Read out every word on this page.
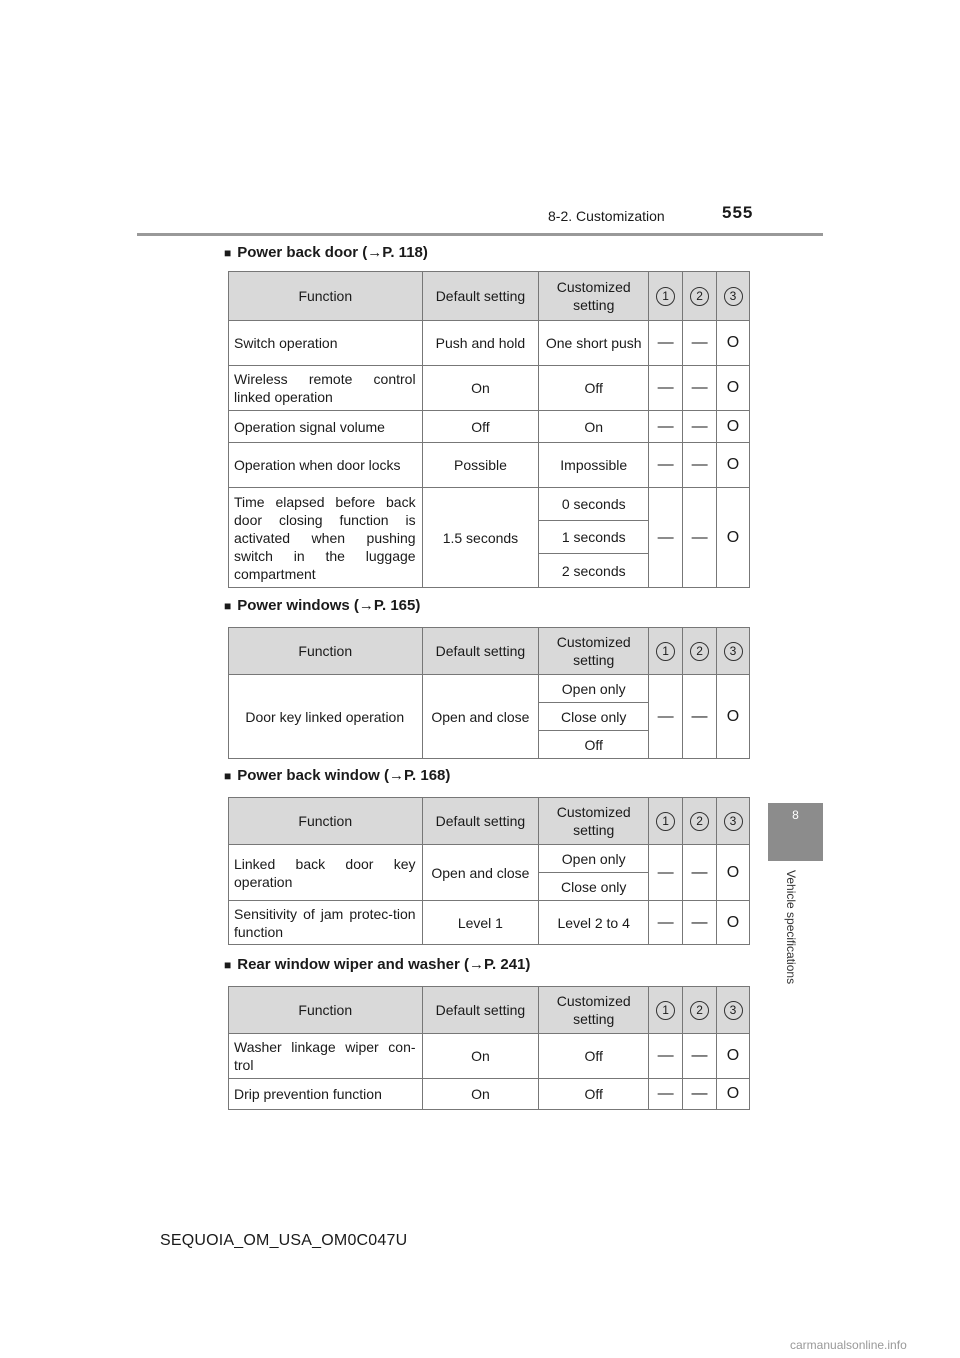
8-2. Customization	555
8
Vehicle specifications
■ Power back door (→P. 118)
Function	Default setting	Customized setting	1	2	3
Switch operation	Push and hold	One short push	—	—	O
Wireless remote control linked operation	On	Off	—	—	O
Operation signal volume	Off	On	—	—	O
Operation when door locks	Possible	Impossible	—	—	O
Time elapsed before back door closing function is activated when pushing switch in the luggage compartment	1.5 seconds	0 seconds	—	—	O
		1 seconds			
		2 seconds			
■ Power windows (→P. 165)
Function	Default setting	Customized setting	1	2	3
Door key linked operation	Open and close	Open only	—	—	O
		Close only			
		Off			
■ Power back window (→P. 168)
Function	Default setting	Customized setting	1	2	3
Linked back door key operation	Open and close	Open only	—	—	O
		Close only			
Sensitivity of jam protec-tion function	Level 1	Level 2 to 4	—	—	O
■ Rear window wiper and washer (→P. 241)
Function	Default setting	Customized setting	1	2	3
Washer linkage wiper con-trol	On	Off	—	—	O
Drip prevention function	On	Off	—	—	O
SEQUOIA_OM_USA_OM0C047U
carmanualsonline.info
